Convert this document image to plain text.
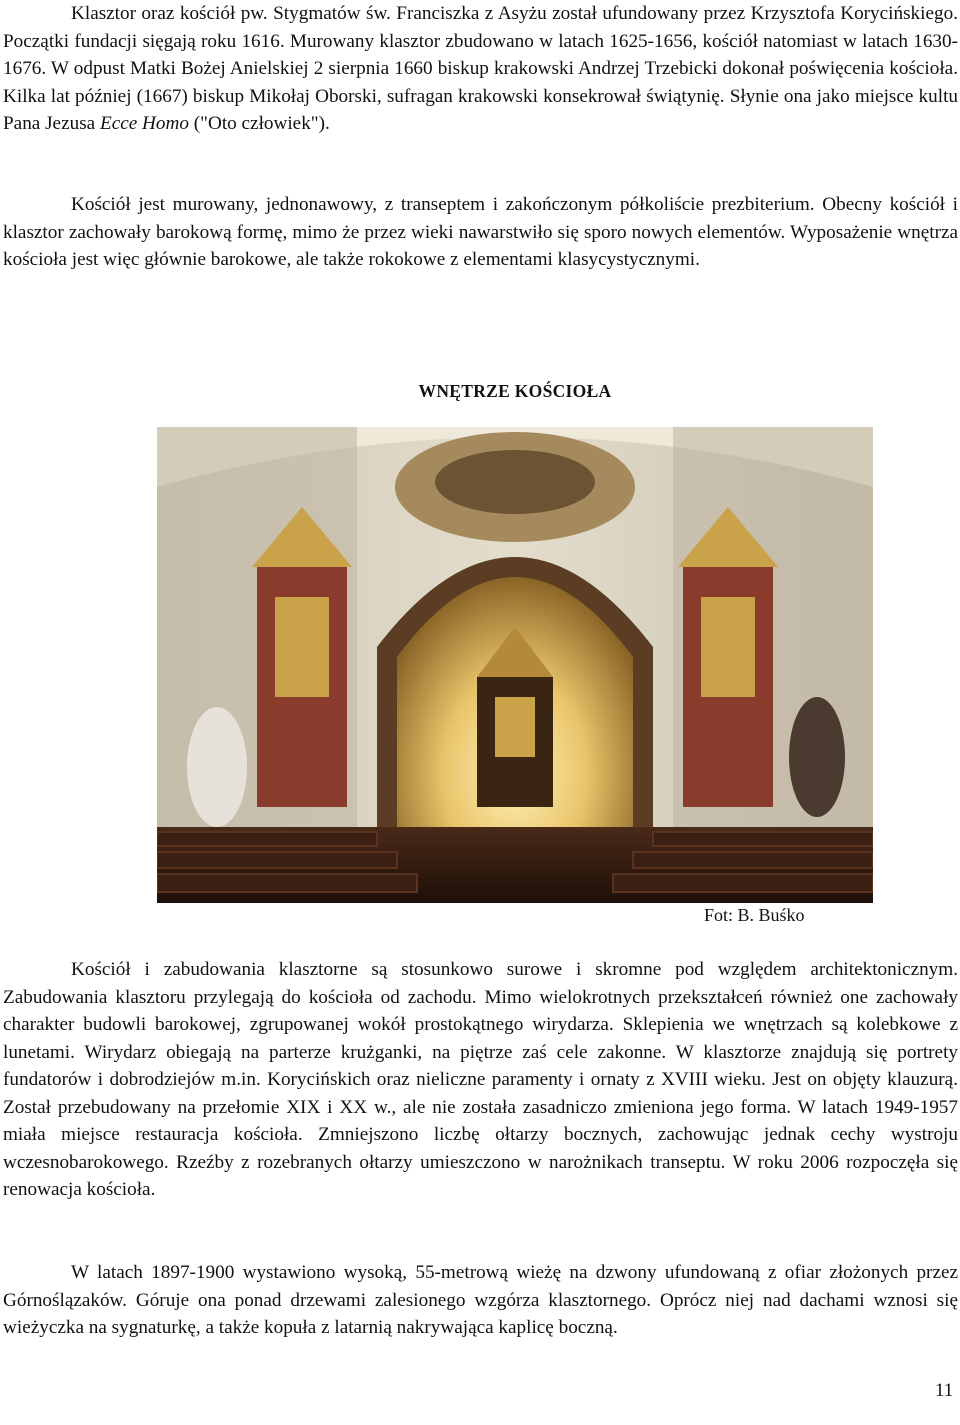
Klasztor oraz kościół pw. Stygmatów św. Franciszka z Asyżu został ufundowany przez Krzysztofa Korycińskiego. Początki fundacji sięgają roku 1616. Murowany klasztor zbudowano w latach 1625-1656, kościół natomiast w latach 1630-1676. W odpust Matki Bożej Anielskiej 2 sierpnia 1660 biskup krakowski Andrzej Trzebicki dokonał poświęcenia kościoła. Kilka lat później (1667) biskup Mikołaj Oborski, sufragan krakowski konsekrował świątynię. Słynie ona jako miejsce kultu Pana Jezusa Ecce Homo ("Oto człowiek").

Kościół jest murowany, jednonawowy, z transeptem i zakończonym półkoliście prezbiterium. Obecny kościół i klasztor zachowały barokową formę, mimo że przez wieki nawarstwiło się sporo nowych elementów. Wyposażenie wnętrza kościoła jest więc głównie barokowe, ale także rokokowe z elementami klasycystycznymi.

WNĘTRZE KOŚCIOŁA
Fot: B. Buśko

Kościół i zabudowania klasztorne są stosunkowo surowe i skromne pod względem architektonicznym. Zabudowania klasztoru przylegają do kościoła od zachodu. Mimo wielokrotnych przekształceń również one zachowały charakter budowli barokowej, zgrupowanej wokół prostokątnego wirydarza. Sklepienia we wnętrzach są kolebkowe z lunetami. Wirydarz obiegają na parterze krużganki, na piętrze zaś cele zakonne. W klasztorze znajdują się portrety fundatorów i dobrodziejów m.in. Korycińskich oraz nieliczne paramenty i ornaty z XVIII wieku. Jest on objęty klauzurą. Został przebudowany na przełomie XIX i XX w., ale nie została zasadniczo zmieniona jego forma. W latach 1949-1957 miała miejsce restauracja kościoła. Zmniejszono liczbę ołtarzy bocznych, zachowując jednak cechy wystroju wczesnobarokowego. Rzeźby z rozebranych ołtarzy umieszczono w narożnikach transeptu. W roku 2006 rozpoczęła się renowacja kościoła.

W latach 1897-1900 wystawiono wysoką, 55-metrową wieżę na dzwony ufundowaną z ofiar złożonych przez Górnoślązaków. Góruje ona ponad drzewami zalesionego wzgórza klasztornego. Oprócz niej nad dachami wznosi się wieżyczka na sygnaturkę, a także kopuła z latarnią nakrywająca kaplicę boczną.

11
